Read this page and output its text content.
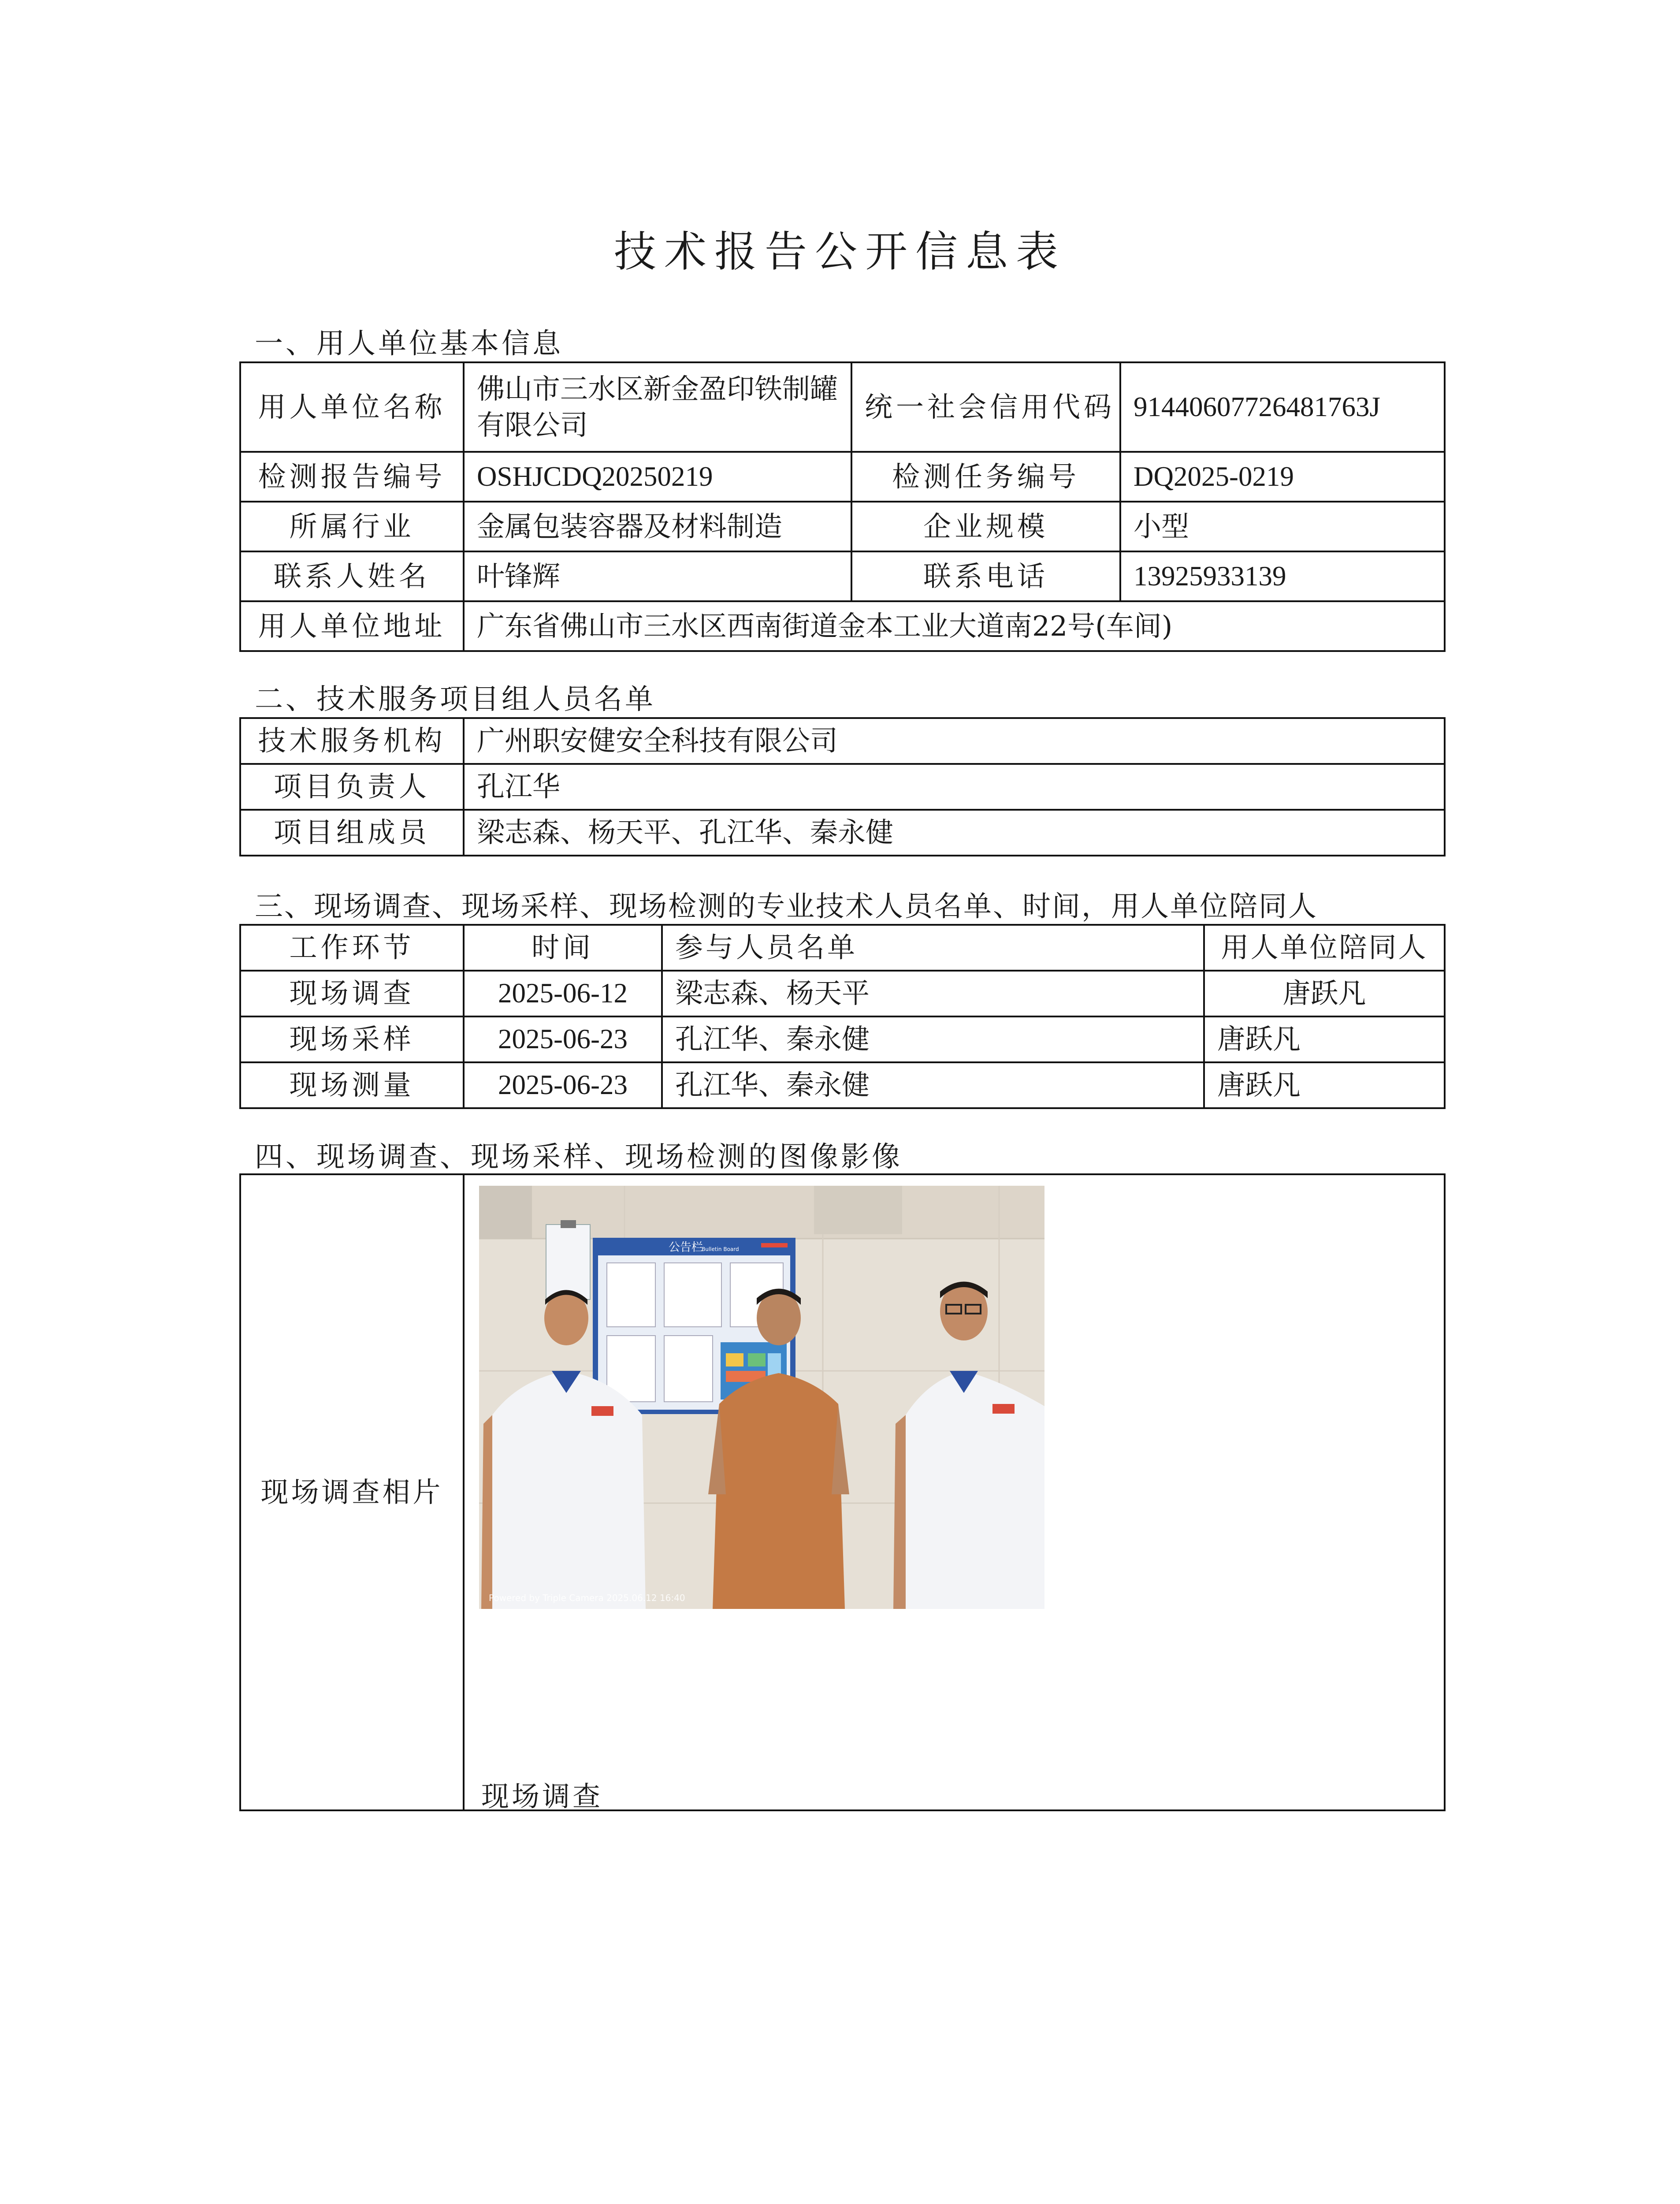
技术报告公开信息表
一、用人单位基本信息
用人单位名称	佛山市三水区新金盈印铁制罐有限公司	统一社会信用代码	91440607726481763J
检测报告编号	OSHJCDQ20250219	检测任务编号	DQ2025-0219
所属行业	金属包装容器及材料制造	企业规模	小型
联系人姓名	叶锋辉	联系电话	13925933139
用人单位地址	广东省佛山市三水区西南街道金本工业大道南22号(车间)		
二、技术服务项目组人员名单
技术服务机构	广州职安健安全科技有限公司
项目负责人	孔江华
项目组成员	梁志森、杨天平、孔江华、秦永健
三、现场调查、现场采样、现场检测的专业技术人员名单、时间，用人单位陪同人
工作环节	时间	参与人员名单	用人单位陪同人
现场调查	2025-06-12	梁志森、杨天平	唐跃凡
现场采样	2025-06-23	孔江华、秦永健	唐跃凡
现场测量	2025-06-23	孔江华、秦永健	唐跃凡
四、现场调查、现场采样、现场检测的图像影像
现场调查相片	
公告栏
Bulletin Board
Powered by Triple Camera 2025.06.12 16:40
现场调查
